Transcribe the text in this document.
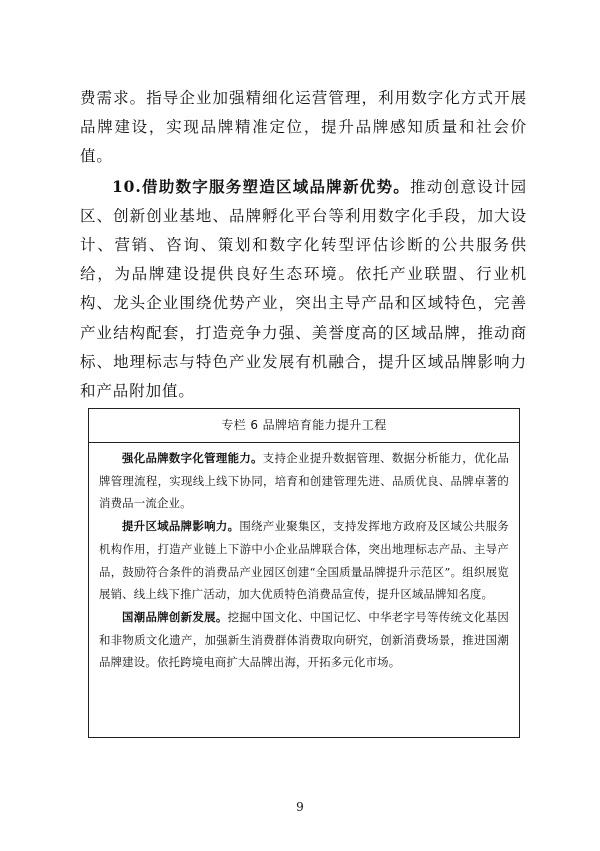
费需求。指导企业加强精细化运营管理，利用数字化方式开展品牌建设，实现品牌精准定位，提升品牌感知质量和社会价值。

10.借助数字服务塑造区域品牌新优势。推动创意设计园区、创新创业基地、品牌孵化平台等利用数字化手段，加大设计、营销、咨询、策划和数字化转型评估诊断的公共服务供给，为品牌建设提供良好生态环境。依托产业联盟、行业机构、龙头企业围绕优势产业，突出主导产品和区域特色，完善产业结构配套，打造竞争力强、美誉度高的区域品牌，推动商标、地理标志与特色产业发展有机融合，提升区域品牌影响力和产品附加值。

专栏 6 品牌培育能力提升工程

强化品牌数字化管理能力。支持企业提升数据管理、数据分析能力，优化品牌管理流程，实现线上线下协同，培育和创建管理先进、品质优良、品牌卓著的消费品一流企业。

提升区域品牌影响力。围绕产业聚集区，支持发挥地方政府及区域公共服务机构作用，打造产业链上下游中小企业品牌联合体，突出地理标志产品、主导产品，鼓励符合条件的消费品产业园区创建“全国质量品牌提升示范区”。组织展览展销、线上线下推广活动，加大优质特色消费品宣传，提升区域品牌知名度。

国潮品牌创新发展。挖掘中国文化、中国记忆、中华老字号等传统文化基因和非物质文化遗产，加强新生消费群体消费取向研究，创新消费场景，推进国潮品牌建设。依托跨境电商扩大品牌出海，开拓多元化市场。

9
